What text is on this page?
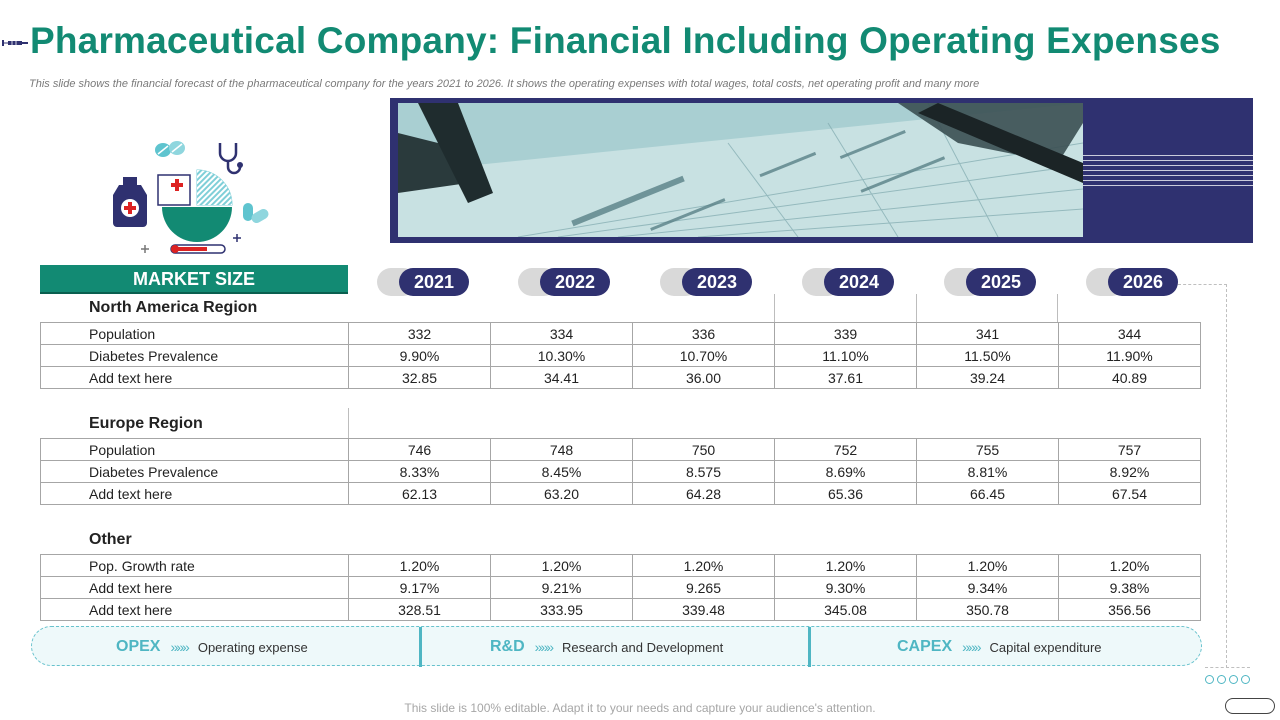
Pharmaceutical Company: Financial Including Operating Expenses
This slide shows the financial forecast of the pharmaceutical company for the years 2021 to 2026. It shows the operating expenses with total wages, total costs, net operating profit and many more
MARKET SIZE	2021	2022	2023	2024	2025	2026
North America Region
Europe Region
Other
Population	332	334	336	339	341	344
Diabetes Prevalence	9.90%	10.30%	10.70%	11.10%	11.50%	11.90%
Add text here	32.85	34.41	36.00	37.61	39.24	40.89
Population	746	748	750	752	755	757
Diabetes Prevalence	8.33%	8.45%	8.575	8.69%	8.81%	8.92%
Add text here	62.13	63.20	64.28	65.36	66.45	67.54
Pop. Growth rate	1.20%	1.20%	1.20%	1.20%	1.20%	1.20%
Add text here	9.17%	9.21%	9.265	9.30%	9.34%	9.38%
Add text here	328.51	333.95	339.48	345.08	350.78	356.56
OPEX »»» Operating expense	R&D »»» Research and Development	CAPEX »»» Capital expenditure
This slide is 100% editable. Adapt it to your needs and capture your audience's attention.
